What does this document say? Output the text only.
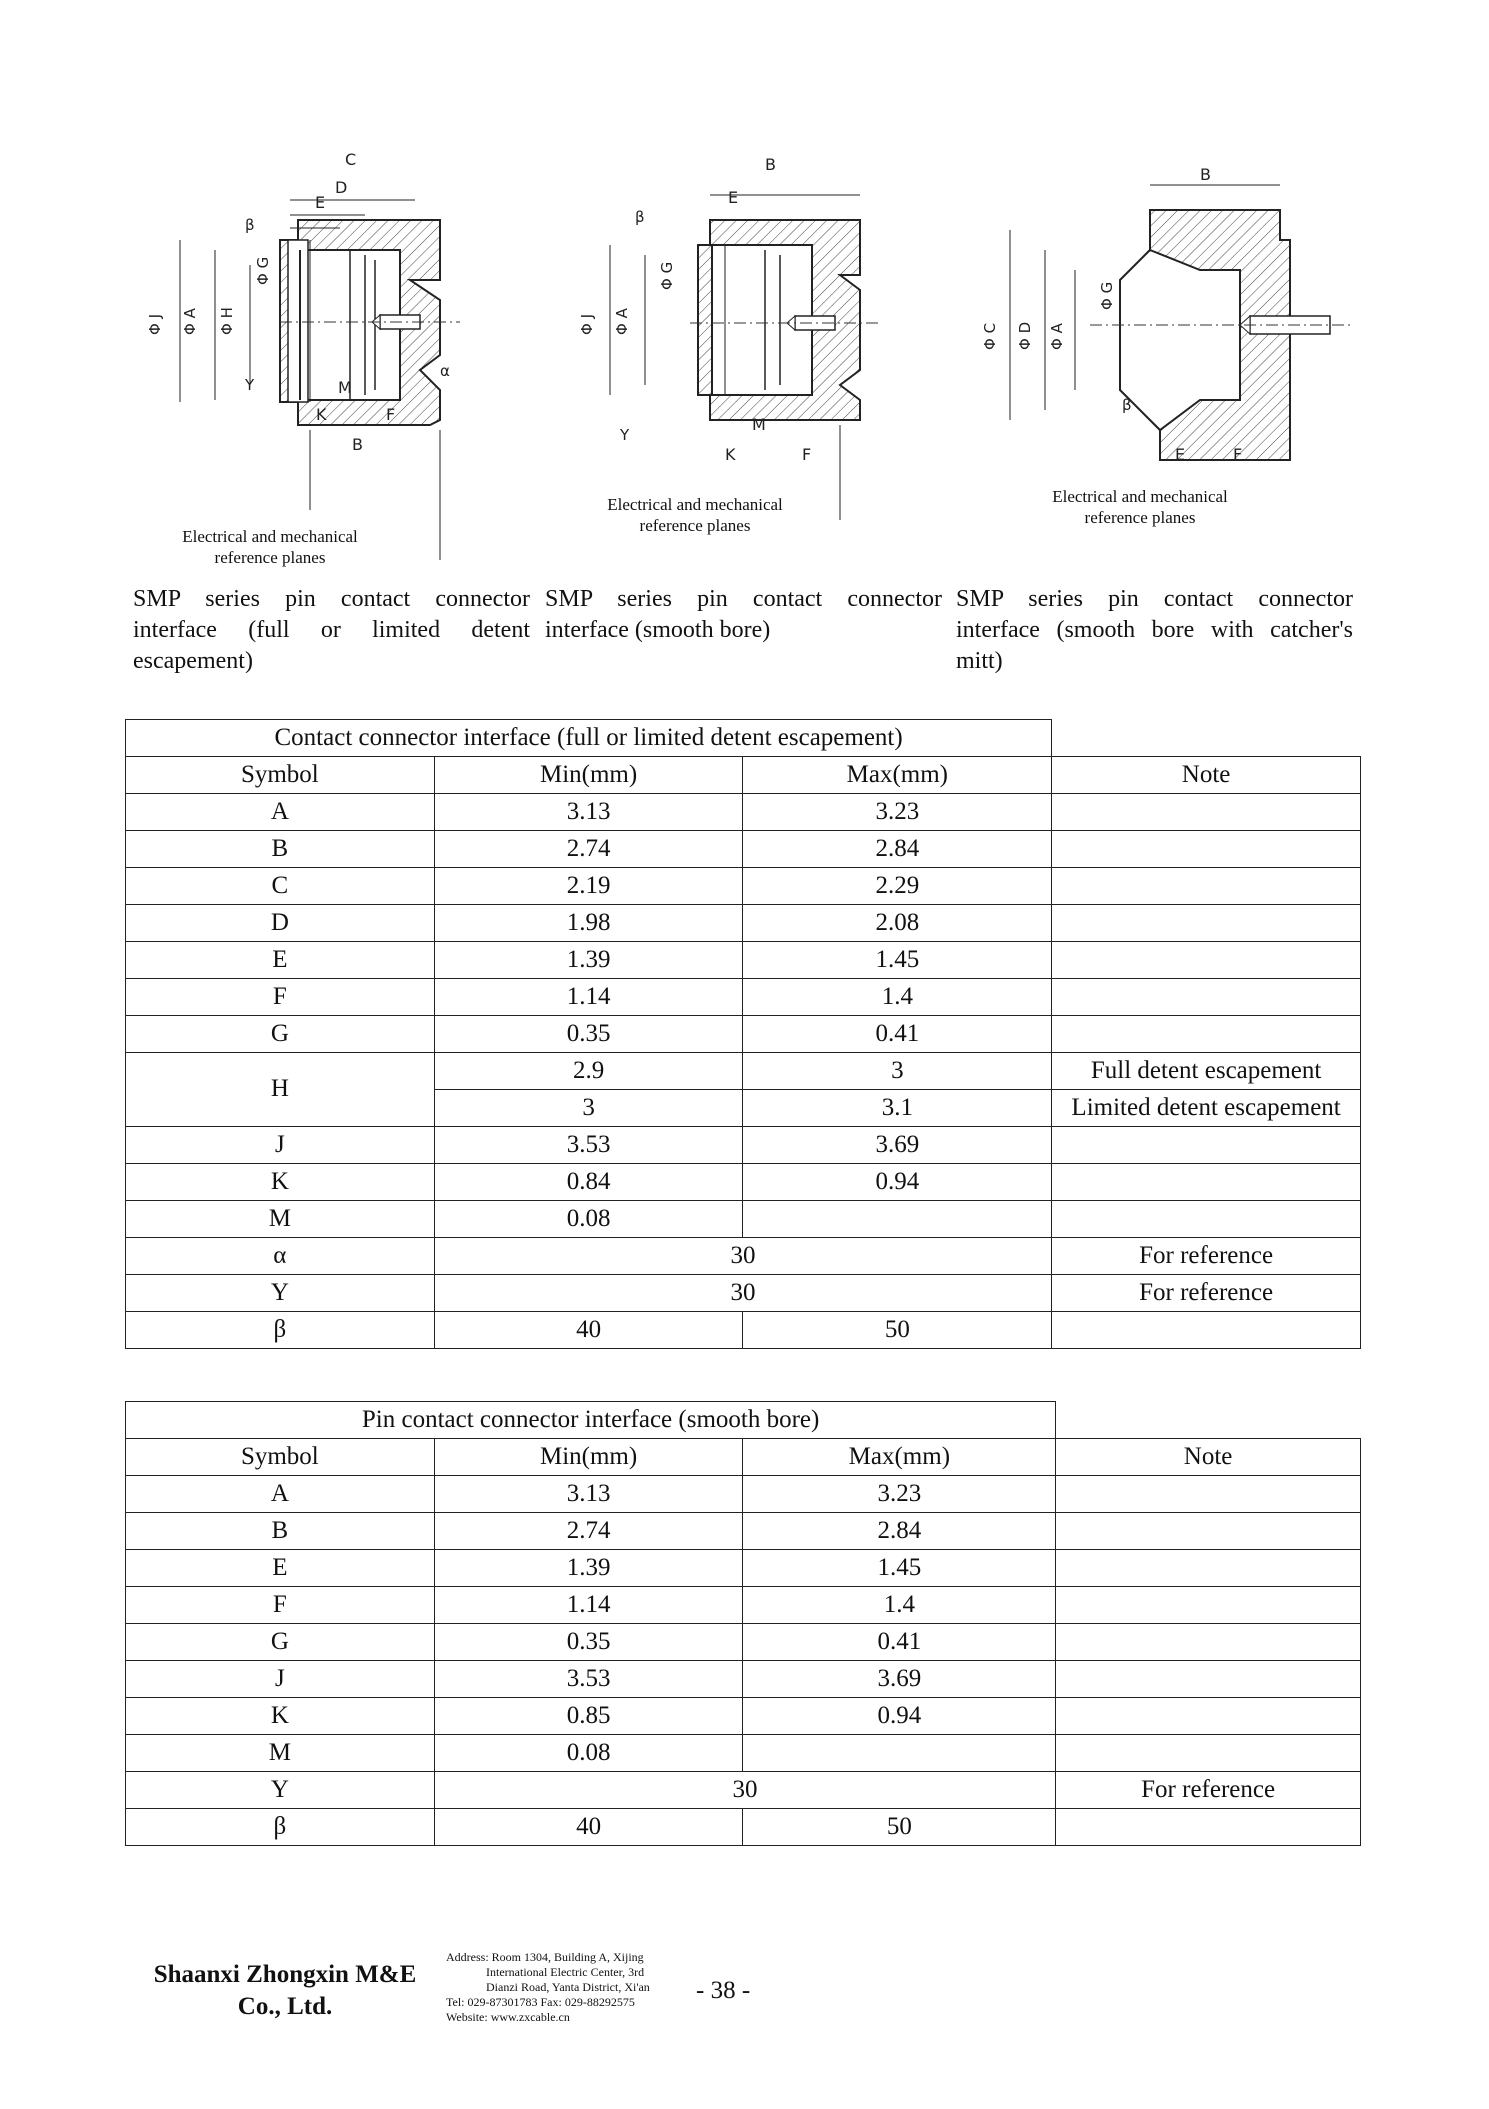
Φ J Φ A Φ H
Φ G
C
D
E
β
M
K
B
F
α
Y
Electrical and mechanical
reference planes
Φ J Φ A
Φ G
B
E
β
M
K	F
Y
Electrical and mechanical
reference planes
Φ C Φ D Φ A
Φ G
B
β
E	F
Electrical and mechanical
reference planes
SMP series pin contact connector interface (full or limited detent escapement)
SMP series pin contact connector interface (smooth bore)
SMP series pin contact connector interface (smooth bore with catcher's mitt)
Contact connector interface (full or limited detent escapement)			
Symbol	Min(mm)	Max(mm)	Note
A	3.13	3.23	
B	2.74	2.84	
C	2.19	2.29	
D	1.98	2.08	
E	1.39	1.45	
F	1.14	1.4	
G	0.35	0.41	
H	2.9	3	Full detent escapement
	3	3.1	Limited detent escapement
J	3.53	3.69	
K	0.84	0.94	
M	0.08		
α	30		For reference
Y	30		For reference
β	40	50	
Pin contact connector interface (smooth bore)			
Symbol	Min(mm)	Max(mm)	Note
A	3.13	3.23	
B	2.74	2.84	
E	1.39	1.45	
F	1.14	1.4	
G	0.35	0.41	
J	3.53	3.69	
K	0.85	0.94	
M	0.08		
Y	30		For reference
β	40	50	
Shaanxi Zhongxin M&E
Co., Ltd.
Address: Room 1304, Building A, Xijing
International Electric Center, 3rd
Dianzi Road, Yanta District, Xi'an
Tel: 029-87301783 Fax: 029-88292575
Website: www.zxcable.cn
- 38 -
